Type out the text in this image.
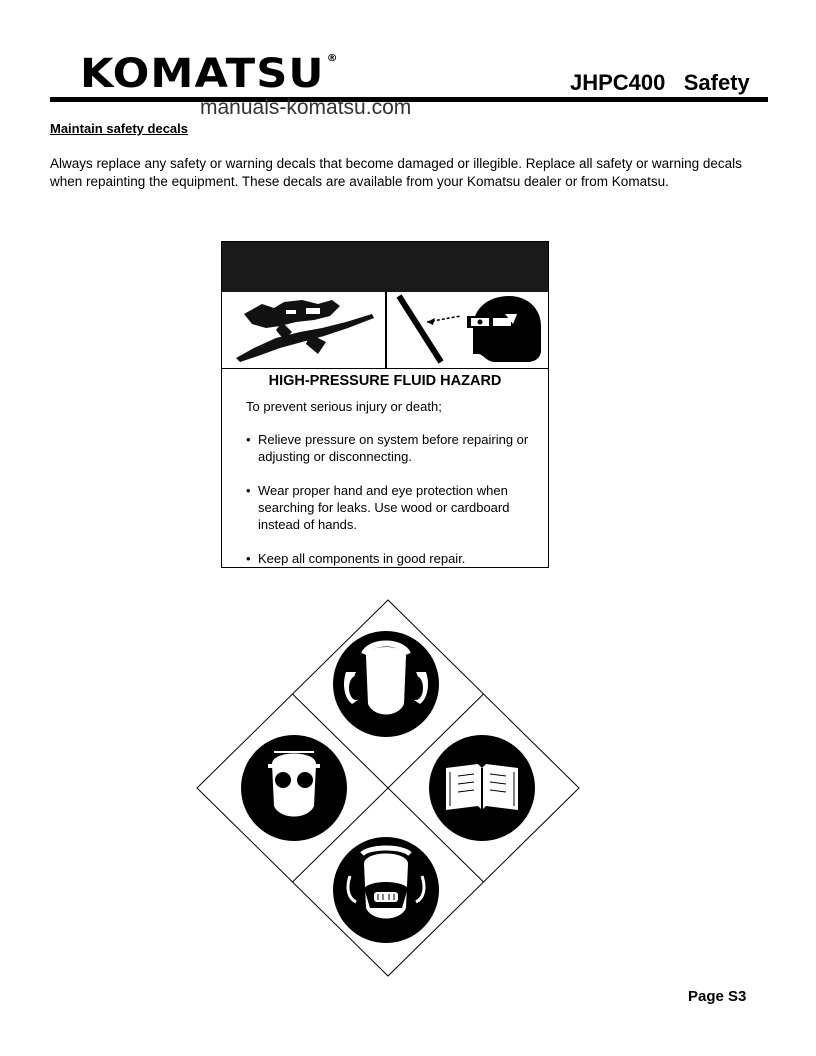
KOMATSU ®
JHPC400   Safety
manuals-komatsu.com
Maintain safety decals
Always replace any safety or warning decals that become damaged or illegible. Replace all safety or warning decals when repainting the equipment. These decals are available from your Komatsu dealer or from Komatsu.
HIGH-PRESSURE FLUID HAZARD
To prevent serious injury or death;
• Relieve pressure on system before repairing or adjusting or disconnecting.
• Wear proper hand and eye protection when searching for leaks. Use wood or cardboard instead of hands.
• Keep all components in good repair.
Page S3
